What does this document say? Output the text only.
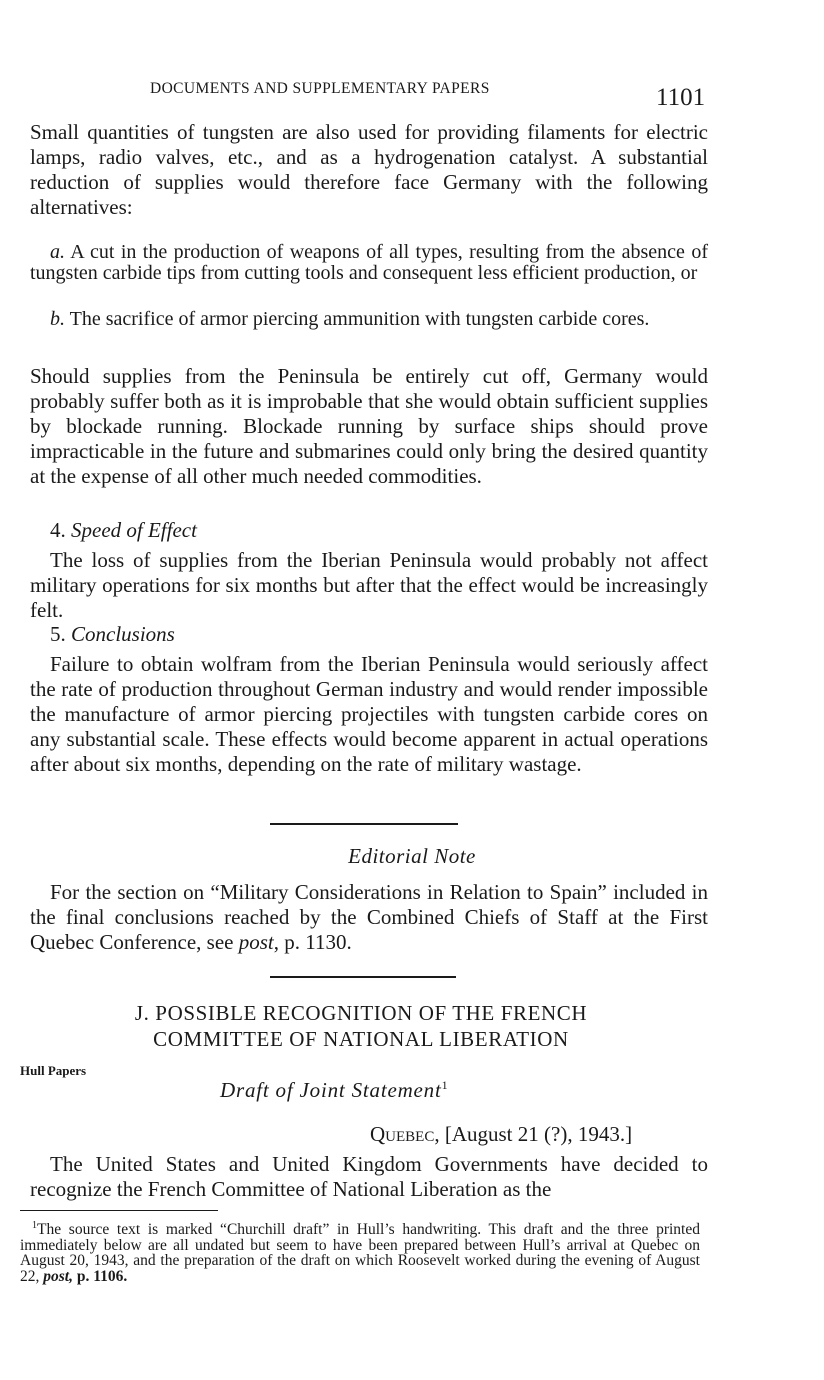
DOCUMENTS AND SUPPLEMENTARY PAPERS	1101

Small quantities of tungsten are also used for providing filaments for electric lamps, radio valves, etc., and as a hydrogenation catalyst. A substantial reduction of supplies would therefore face Germany with the following alternatives:

a. A cut in the production of weapons of all types, resulting from the absence of tungsten carbide tips from cutting tools and consequent less efficient production, or

b. The sacrifice of armor piercing ammunition with tungsten carbide cores.

Should supplies from the Peninsula be entirely cut off, Germany would probably suffer both as it is improbable that she would obtain sufficient supplies by blockade running. Blockade running by surface ships should prove impracticable in the future and submarines could only bring the desired quantity at the expense of all other much needed commodities.

4. Speed of Effect

The loss of supplies from the Iberian Peninsula would probably not affect military operations for six months but after that the effect would be increasingly felt.

5. Conclusions

Failure to obtain wolfram from the Iberian Peninsula would seriously affect the rate of production throughout German industry and would render impossible the manufacture of armor piercing projectiles with tungsten carbide cores on any substantial scale. These effects would become apparent in actual operations after about six months, depending on the rate of military wastage.

Editorial Note

For the section on “Military Considerations in Relation to Spain” included in the final conclusions reached by the Combined Chiefs of Staff at the First Quebec Conference, see post, p. 1130.

J. POSSIBLE RECOGNITION OF THE FRENCH
COMMITTEE OF NATIONAL LIBERATION
Hull Papers
Draft of Joint Statement$^1$
Quebec, [August 21 (?), 1943.]

The United States and United Kingdom Governments have decided to recognize the French Committee of National Liberation as the

$^1$The source text is marked “Churchill draft” in Hull’s handwriting. This draft and the three printed immediately below are all undated but seem to have been prepared between Hull’s arrival at Quebec on August 20, 1943, and the preparation of the draft on which Roosevelt worked during the evening of August 22, post, p. 1106.
